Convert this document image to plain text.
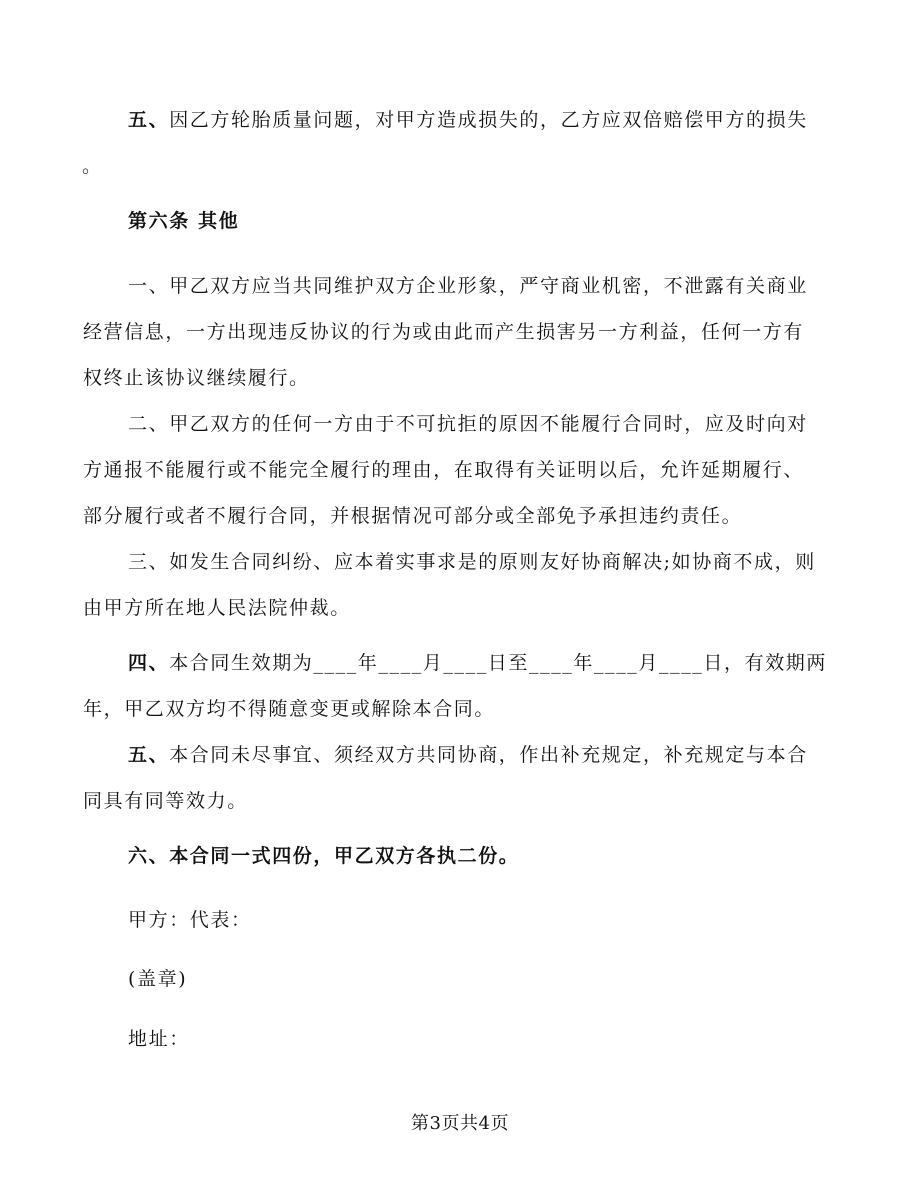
五、因乙方轮胎质量问题，对甲方造成损失的，乙方应双倍赔偿甲方的损失
。

第六条 其他

一、甲乙双方应当共同维护双方企业形象，严守商业机密，不泄露有关商业
经营信息，一方出现违反协议的行为或由此而产生损害另一方利益，任何一方有
权终止该协议继续履行。

二、甲乙双方的任何一方由于不可抗拒的原因不能履行合同时，应及时向对
方通报不能履行或不能完全履行的理由，在取得有关证明以后，允许延期履行、
部分履行或者不履行合同，并根据情况可部分或全部免予承担违约责任。

三、如发生合同纠纷、应本着实事求是的原则友好协商解决;如协商不成，则
由甲方所在地人民法院仲裁。

四、本合同生效期为____年____月____日至____年____月____日，有效期两
年，甲乙双方均不得随意变更或解除本合同。

五、本合同未尽事宜、须经双方共同协商，作出补充规定，补充规定与本合
同具有同等效力。

六、本合同一式四份，甲乙双方各执二份。

甲方：代表：

(盖章)

地址：

第3页共4页
